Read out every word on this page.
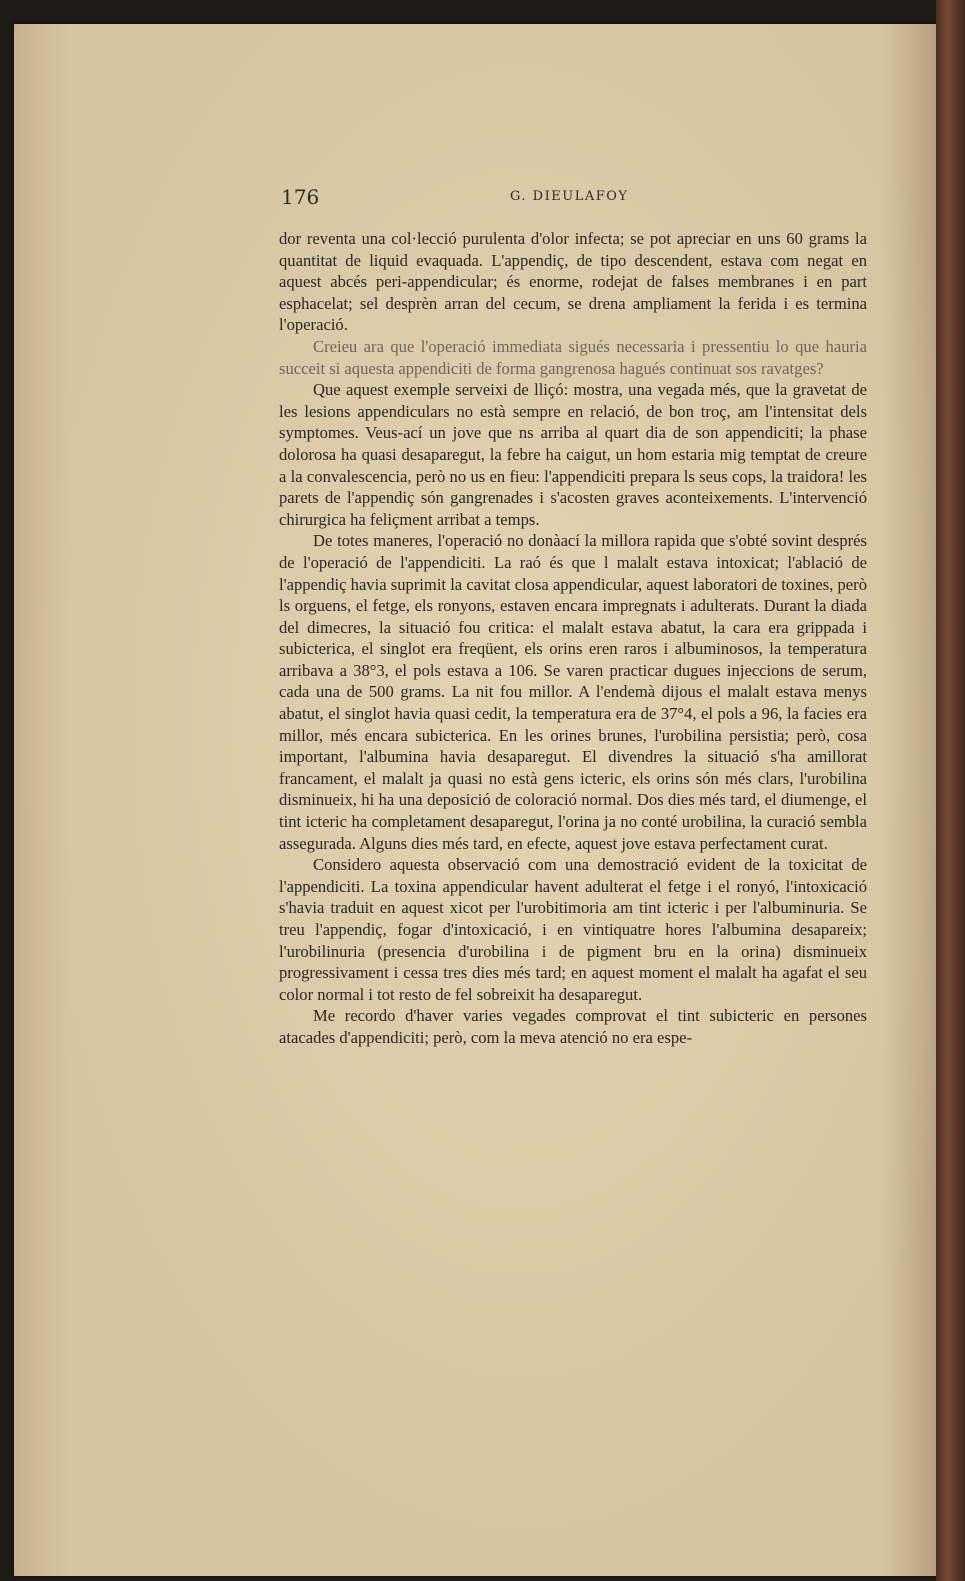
176	G. DIEULAFOY

dor reventa una col·lecció purulenta d'olor infecta; se pot apreciar en uns 60 grams la quantitat de liquid evaquada. L'appendiç, de tipo descendent, estava com negat en aquest abcés peri-appendicular; és enorme, rodejat de falses membranes i en part esphacelat; sel desprèn arran del cecum, se drena ampliament la ferida i es termina l'operació.

Creieu ara que l'operació immediata sigués necessaria i pressentiu lo que hauria succeit si aquesta appendiciti de forma gangrenosa hagués continuat sos ravatges?

Que aquest exemple serveixi de lliçó: mostra, una vegada més, que la gravetat de les lesions appendiculars no està sempre en relació, de bon troç, am l'intensitat dels symptomes. Veus-ací un jove que ns arriba al quart dia de son appendiciti; la phase dolorosa ha quasi desaparegut, la febre ha caigut, un hom estaria mig temptat de creure a la convalescencia, però no us en fieu: l'appendiciti prepara ls seus cops, la traidora! les parets de l'appendiç són gangrenades i s'acosten graves aconteixements. L'intervenció chirurgica ha feliçment arribat a temps.

De totes maneres, l'operació no donàací la millora rapida que s'obté sovint després de l'operació de l'appendiciti. La raó és que l malalt estava intoxicat; l'ablació de l'appendiç havia suprimit la cavitat closa appendicular, aquest laboratori de toxines, però ls orguens, el fetge, els ronyons, estaven encara impregnats i adulterats. Durant la diada del dimecres, la situació fou critica: el malalt estava abatut, la cara era grippada i subicterica, el singlot era freqüent, els orins eren raros i albuminosos, la temperatura arribava a 38°3, el pols estava a 106. Se varen practicar dugues injeccions de serum, cada una de 500 grams. La nit fou millor. A l'endemà dijous el malalt estava menys abatut, el singlot havia quasi cedit, la temperatura era de 37°4, el pols a 96, la facies era millor, més encara subicterica. En les orines brunes, l'urobilina persistia; però, cosa important, l'albumina havia desaparegut. El divendres la situació s'ha amillorat francament, el malalt ja quasi no està gens icteric, els orins són més clars, l'urobilina disminueix, hi ha una deposició de coloració normal. Dos dies més tard, el diumenge, el tint icteric ha completament desaparegut, l'orina ja no conté urobilina, la curació sembla assegurada. Alguns dies més tard, en efecte, aquest jove estava perfectament curat.

Considero aquesta observació com una demostració evident de la toxicitat de l'appendiciti. La toxina appendicular havent adulterat el fetge i el ronyó, l'intoxicació s'havia traduit en aquest xicot per l'urobitimoria am tint icteric i per l'albuminuria. Se treu l'appendiç, fogar d'intoxicació, i en vintiquatre hores l'albumina desapareix; l'urobilinuria (presencia d'urobilina i de pigment bru en la orina) disminueix progressivament i cessa tres dies més tard; en aquest moment el malalt ha agafat el seu color normal i tot resto de fel sobreixit ha desaparegut.

Me recordo d'haver varies vegades comprovat el tint subicteric en persones atacades d'appendiciti; però, com la meva atenció no era espe-
